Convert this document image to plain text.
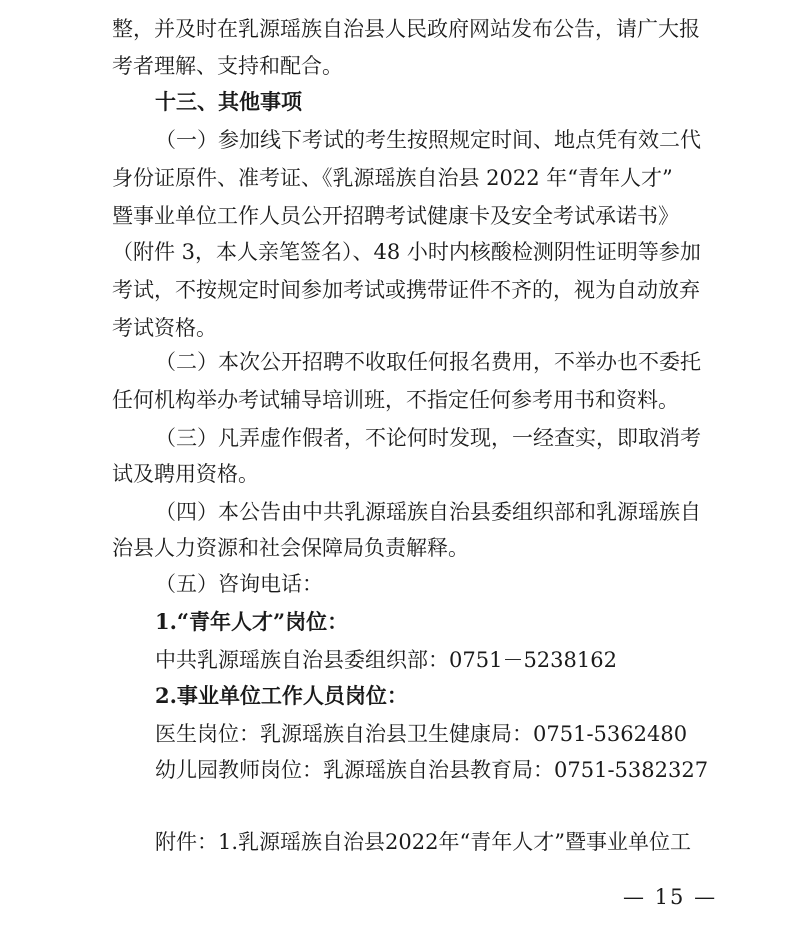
整，并及时在乳源瑶族自治县人民政府网站发布公告，请广大报
考者理解、支持和配合。
十三、其他事项
（一）参加线下考试的考生按照规定时间、地点凭有效二代
身份证原件、准考证、《乳源瑶族自治县 2022 年“青年人才”
暨事业单位工作人员公开招聘考试健康卡及安全考试承诺书》
（附件 3，本人亲笔签名）、48 小时内核酸检测阴性证明等参加
考试，不按规定时间参加考试或携带证件不齐的，视为自动放弃
考试资格。
（二）本次公开招聘不收取任何报名费用，不举办也不委托
任何机构举办考试辅导培训班，不指定任何参考用书和资料。
（三）凡弄虚作假者，不论何时发现，一经查实，即取消考
试及聘用资格。
（四）本公告由中共乳源瑶族自治县委组织部和乳源瑶族自
治县人力资源和社会保障局负责解释。
（五）咨询电话：
1.“青年人才”岗位：
中共乳源瑶族自治县委组织部：0751－5238162
2.事业单位工作人员岗位：
医生岗位：乳源瑶族自治县卫生健康局：0751-5362480
幼儿园教师岗位：乳源瑶族自治县教育局：0751-5382327
附件：1.乳源瑶族自治县2022年“青年人才”暨事业单位工
— 15 —
